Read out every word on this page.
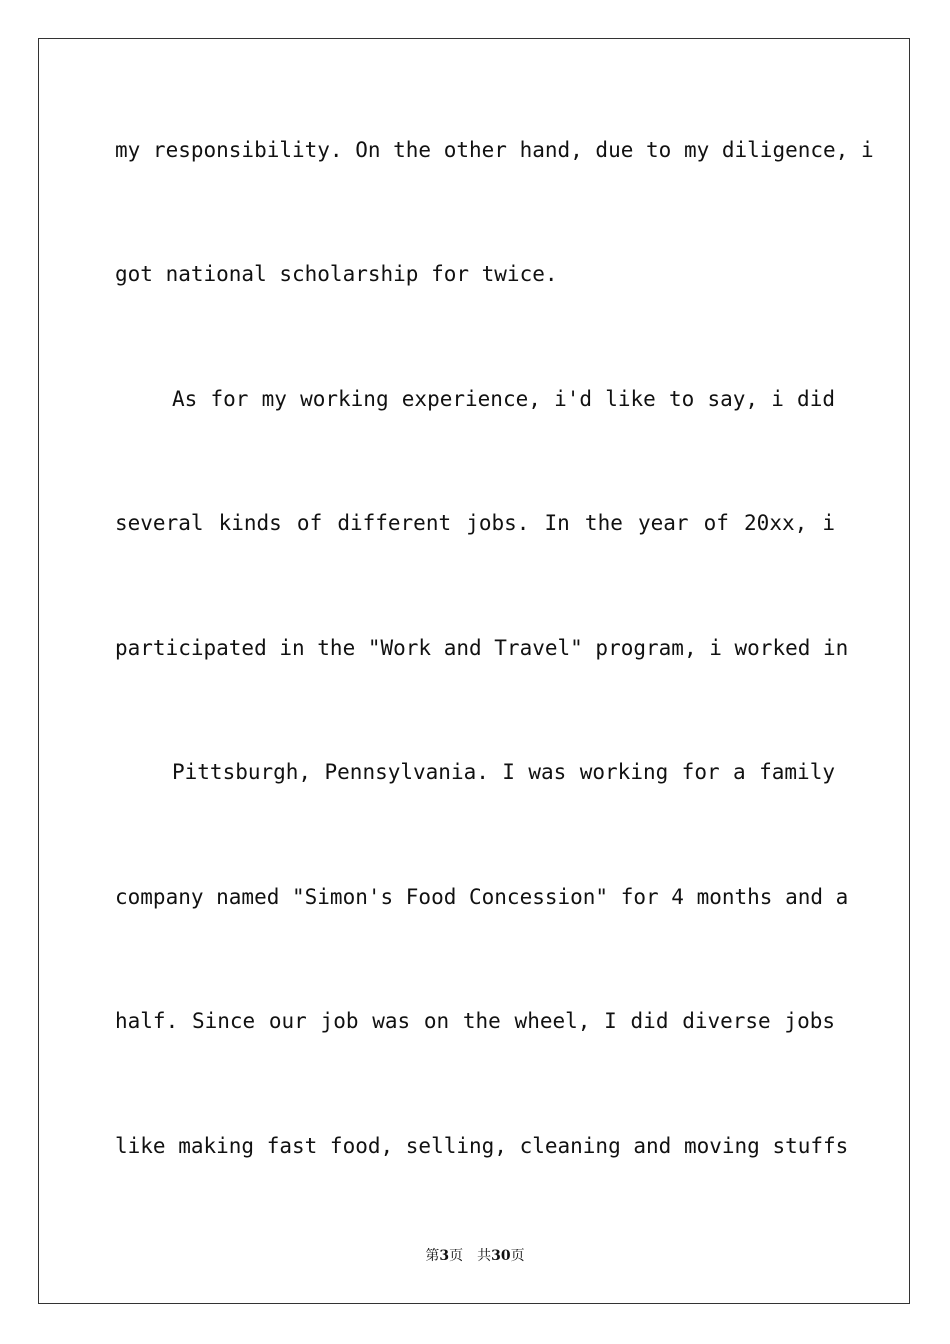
my responsibility. On the other hand, due to my diligence, i
got national scholarship for twice.
As for my working experience, i'd like to say, i did
several kinds of different jobs. In the year of 20xx, i
participated in the "Work and Travel" program, i worked in
Pittsburgh, Pennsylvania. I was working for a family
company named "Simon's Food Concession" for 4 months and a
half. Since our job was on the wheel, I did diverse jobs
like making fast food, selling, cleaning and moving stuffs
第3页 共30页
